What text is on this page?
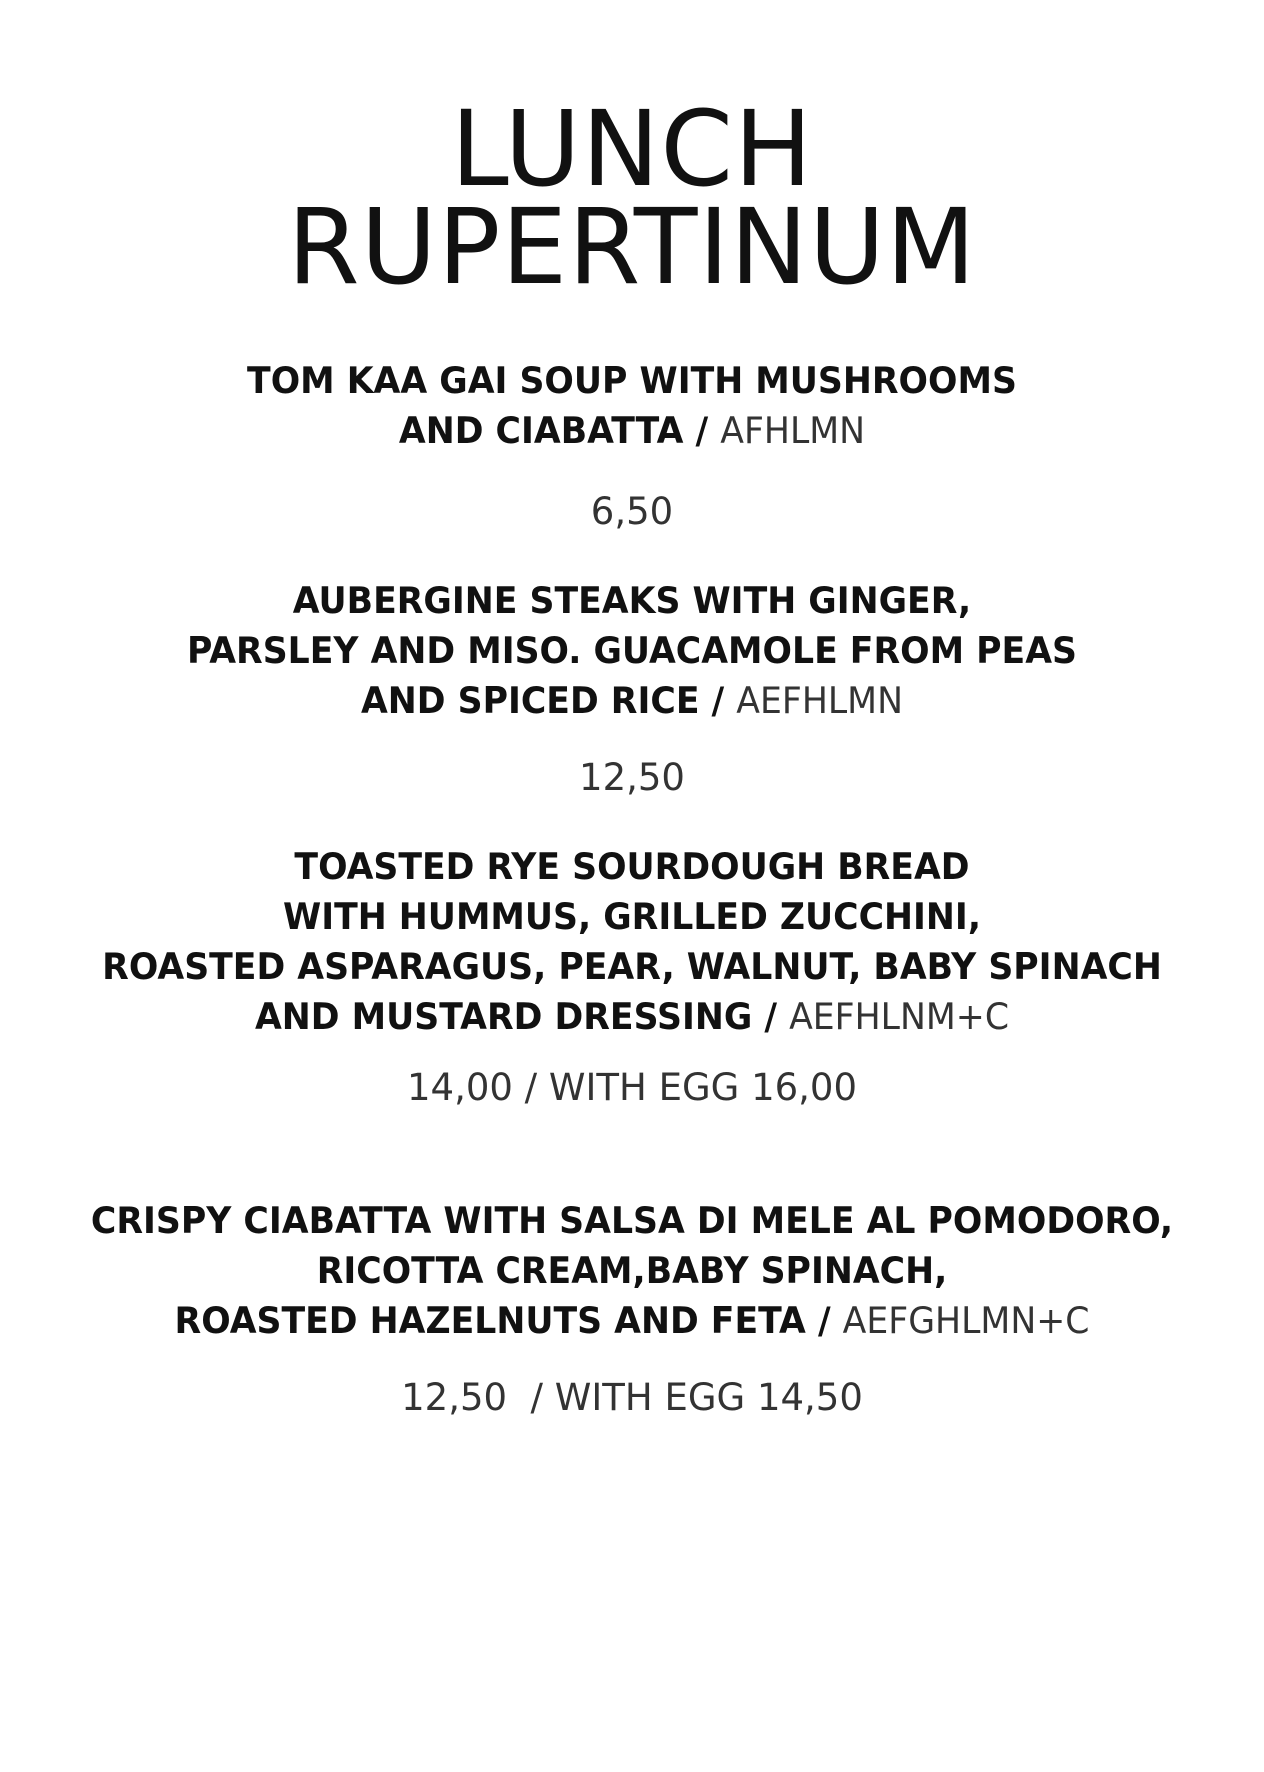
LUNCH
RUPERTINUM
TOM KAA GAI SOUP WITH MUSHROOMS
AND CIABATTA / AFHLMN
6,50
AUBERGINE STEAKS WITH GINGER,
PARSLEY AND MISO. GUACAMOLE FROM PEAS
AND SPICED RICE / AEFHLMN
12,50
TOASTED RYE SOURDOUGH BREAD
WITH HUMMUS, GRILLED ZUCCHINI,
ROASTED ASPARAGUS, PEAR, WALNUT, BABY SPINACH
AND MUSTARD DRESSING / AEFHLNM+C
14,00 / WITH EGG 16,00
CRISPY CIABATTA WITH SALSA DI MELE AL POMODORO,
RICOTTA CREAM,BABY SPINACH,
ROASTED HAZELNUTS AND FETA / AEFGHLMN+C
12,50  / WITH EGG 14,50
